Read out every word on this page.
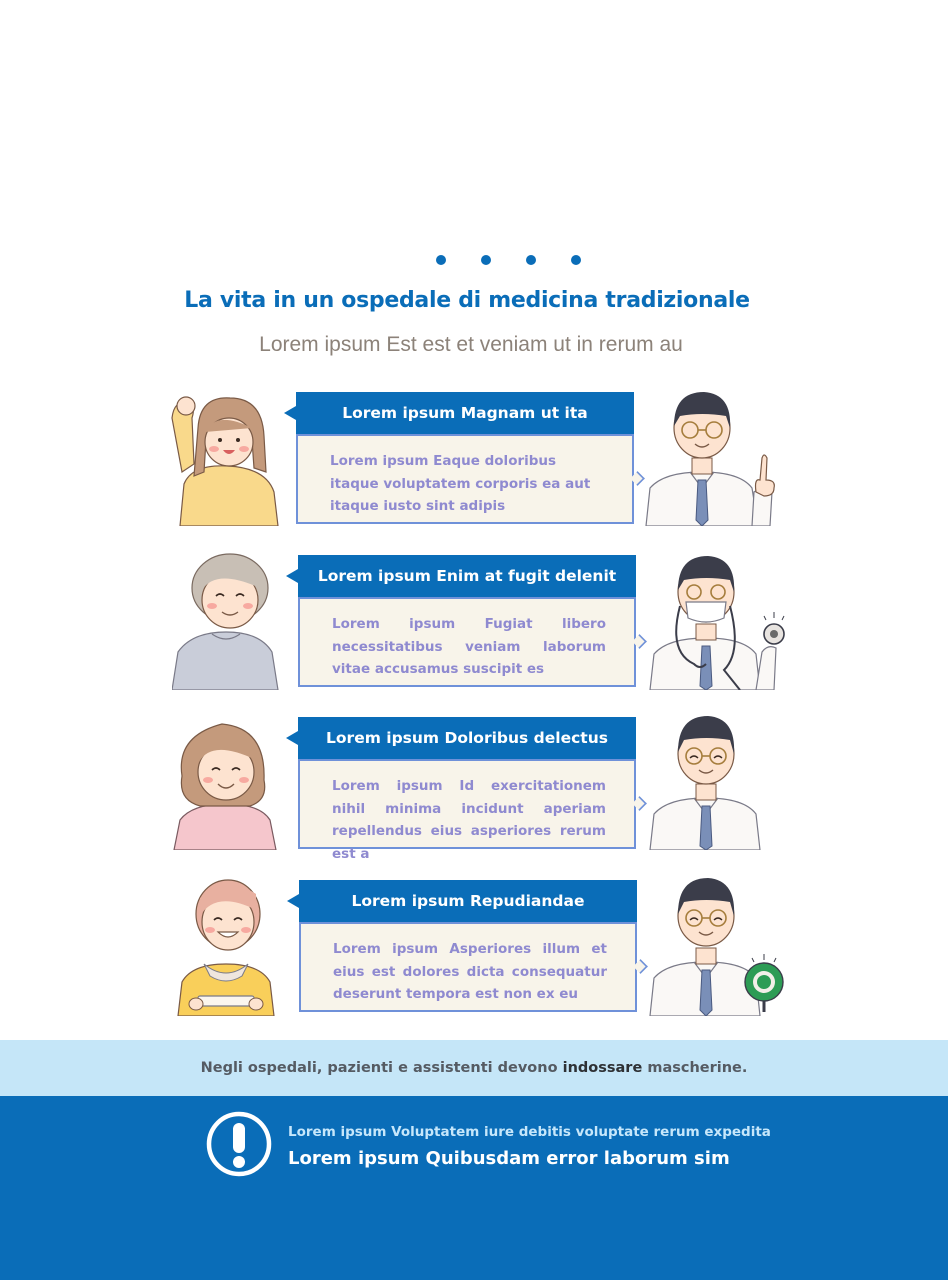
La vita in un ospedale di medicina tradizionale
Lorem ipsum Est est et veniam ut in rerum au
Lorem ipsum Magnam ut ita
Lorem ipsum Eaque doloribus itaque voluptatem corporis ea aut itaque iusto sint adipis
Lorem ipsum Enim at fugit delenit
Lorem ipsum Fugiat libero necessitatibus veniam laborum vitae accusamus suscipit es
Lorem ipsum Doloribus delectus
Lorem ipsum Id exercitationem nihil minima incidunt aperiam repellendus eius asperiores rerum est a
Lorem ipsum Repudiandae
Lorem ipsum Asperiores illum et eius est dolores dicta consequatur deserunt tempora est non ex eu
Negli ospedali, pazienti e assistenti devono indossare mascherine.
Lorem ipsum Voluptatem iure debitis voluptate rerum expedita
Lorem ipsum Quibusdam error laborum sim
